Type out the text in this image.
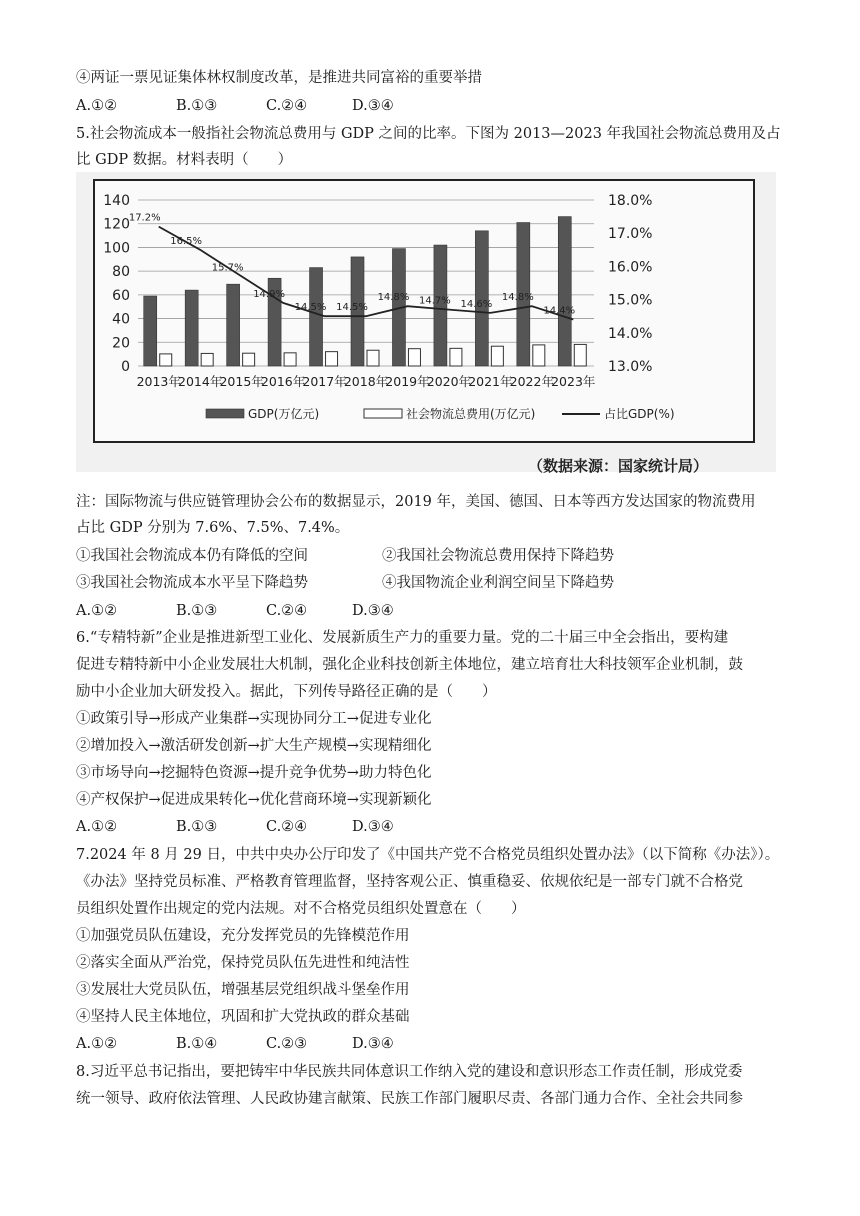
④两证一票见证集体林权制度改革，是推进共同富裕的重要举措
A.①②	B.①③	C.②④	D.③④
5.社会物流成本一般指社会物流总费用与 GDP 之间的比率。下图为 2013—2023 年我国社会物流总费用及占
比 GDP 数据。材料表明（　　）
0
20
40
60
80
100
120
140
13.0%
14.0%
15.0%
16.0%
17.0%
18.0%
2013年
2014年
2015年
2016年
2017年
2018年
2019年
2020年
2021年
2022年
2023年
17.2%
16.5%
15.7%
14.9%
14.5% 14.5%
14.8% 14.7% 14.6%
14.8%
14.4%
GDP(万亿元)	社会物流总费用(万亿元)	占比GDP(%)
（数据来源：国家统计局）
注：国际物流与供应链管理协会公布的数据显示，2019 年，美国、德国、日本等西方发达国家的物流费用
占比 GDP 分别为 7.6%、7.5%、7.4%。
①我国社会物流成本仍有降低的空间	②我国社会物流总费用保持下降趋势
③我国社会物流成本水平呈下降趋势	④我国物流企业利润空间呈下降趋势
A.①②	B.①③	C.②④	D.③④
6.“专精特新”企业是推进新型工业化、发展新质生产力的重要力量。党的二十届三中全会指出，要构建
促进专精特新中小企业发展壮大机制，强化企业科技创新主体地位，建立培育壮大科技领军企业机制，鼓
励中小企业加大研发投入。据此，下列传导路径正确的是（　　）
①政策引导→形成产业集群→实现协同分工→促进专业化
②增加投入→激活研发创新→扩大生产规模→实现精细化
③市场导向→挖掘特色资源→提升竞争优势→助力特色化
④产权保护→促进成果转化→优化营商环境→实现新颖化
A.①②	B.①③	C.②④	D.③④
7.2024 年 8 月 29 日，中共中央办公厅印发了《中国共产党不合格党员组织处置办法》（以下简称《办法》）。
《办法》坚持党员标准、严格教育管理监督，坚持客观公正、慎重稳妥、依规依纪是一部专门就不合格党
员组织处置作出规定的党内法规。对不合格党员组织处置意在（　　）
①加强党员队伍建设，充分发挥党员的先锋模范作用
②落实全面从严治党，保持党员队伍先进性和纯洁性
③发展壮大党员队伍，增强基层党组织战斗堡垒作用
④坚持人民主体地位，巩固和扩大党执政的群众基础
A.①②	B.①④	C.②③	D.③④
8.习近平总书记指出，要把铸牢中华民族共同体意识工作纳入党的建设和意识形态工作责任制，形成党委
统一领导、政府依法管理、人民政协建言献策、民族工作部门履职尽责、各部门通力合作、全社会共同参
